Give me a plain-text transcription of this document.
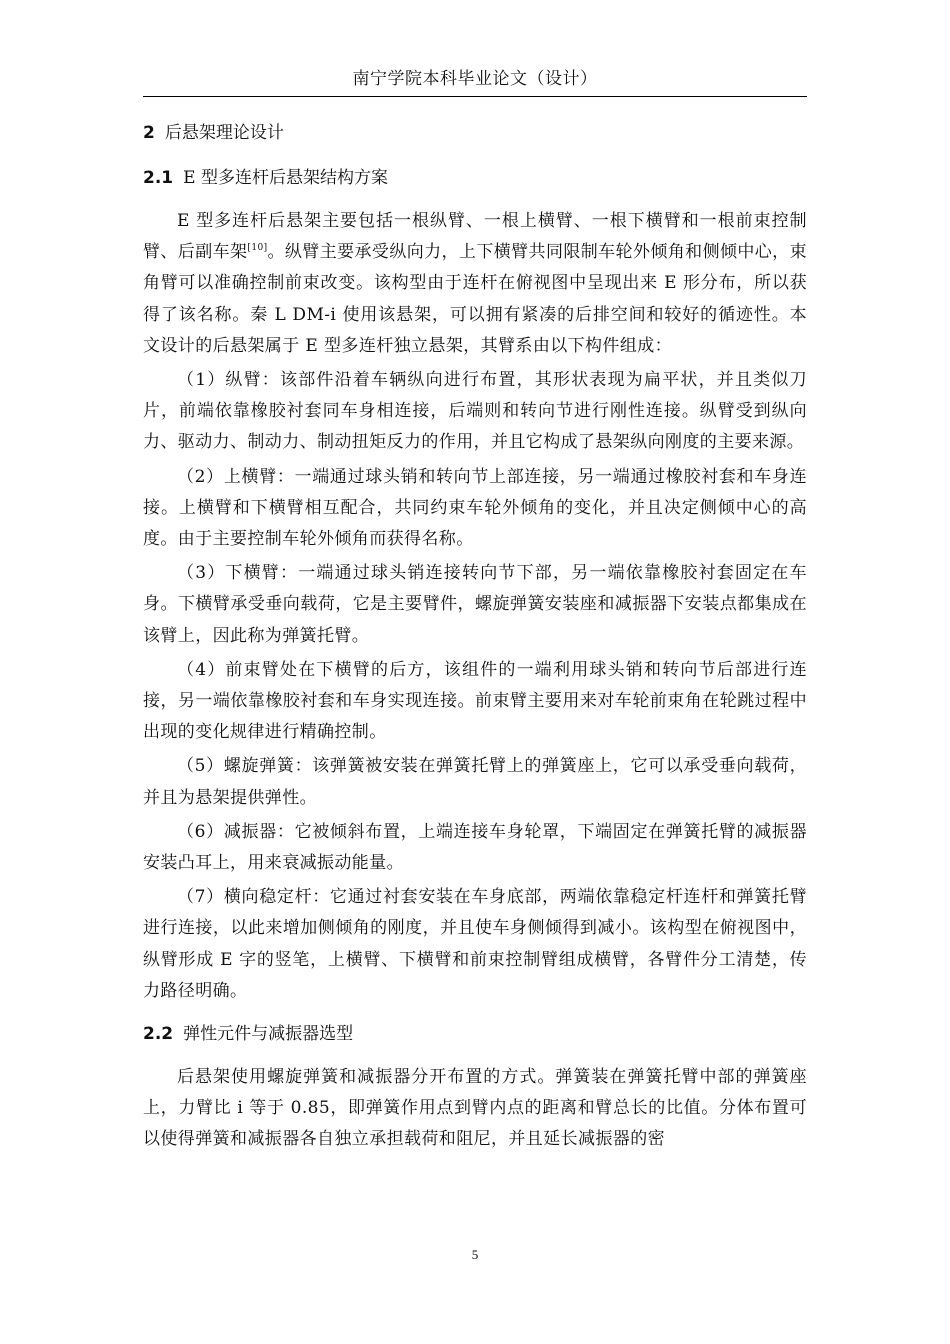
南宁学院本科毕业论文（设计）
2 后悬架理论设计
2.1 E 型多连杆后悬架结构方案

E 型多连杆后悬架主要包括一根纵臂、一根上横臂、一根下横臂和一根前束控制臂、后副车架[10]。纵臂主要承受纵向力，上下横臂共同限制车轮外倾角和侧倾中心，束角臂可以准确控制前束改变。该构型由于连杆在俯视图中呈现出来 E 形分布，所以获得了该名称。秦 L DM-i 使用该悬架，可以拥有紧凑的后排空间和较好的循迹性。本文设计的后悬架属于 E 型多连杆独立悬架，其臂系由以下构件组成：

（1）纵臂：该部件沿着车辆纵向进行布置，其形状表现为扁平状，并且类似刀片，前端依靠橡胶衬套同车身相连接，后端则和转向节进行刚性连接。纵臂受到纵向力、驱动力、制动力、制动扭矩反力的作用，并且它构成了悬架纵向刚度的主要来源。

（2）上横臂：一端通过球头销和转向节上部连接，另一端通过橡胶衬套和车身连接。上横臂和下横臂相互配合，共同约束车轮外倾角的变化，并且决定侧倾中心的高度。由于主要控制车轮外倾角而获得名称。

（3）下横臂：一端通过球头销连接转向节下部，另一端依靠橡胶衬套固定在车身。下横臂承受垂向载荷，它是主要臂件，螺旋弹簧安装座和减振器下安装点都集成在该臂上，因此称为弹簧托臂。

（4）前束臂处在下横臂的后方，该组件的一端利用球头销和转向节后部进行连接，另一端依靠橡胶衬套和车身实现连接。前束臂主要用来对车轮前束角在轮跳过程中出现的变化规律进行精确控制。

（5）螺旋弹簧：该弹簧被安装在弹簧托臂上的弹簧座上，它可以承受垂向载荷，并且为悬架提供弹性。

（6）减振器：它被倾斜布置，上端连接车身轮罩，下端固定在弹簧托臂的减振器安装凸耳上，用来衰减振动能量。

（7）横向稳定杆：它通过衬套安装在车身底部，两端依靠稳定杆连杆和弹簧托臂进行连接，以此来增加侧倾角的刚度，并且使车身侧倾得到减小。该构型在俯视图中，纵臂形成 E 字的竖笔，上横臂、下横臂和前束控制臂组成横臂，各臂件分工清楚，传力路径明确。

2.2 弹性元件与减振器选型

后悬架使用螺旋弹簧和减振器分开布置的方式。弹簧装在弹簧托臂中部的弹簧座上，力臂比 i 等于 0.85，即弹簧作用点到臂内点的距离和臂总长的比值。分体布置可以使得弹簧和减振器各自独立承担载荷和阻尼，并且延长减振器的密

5
